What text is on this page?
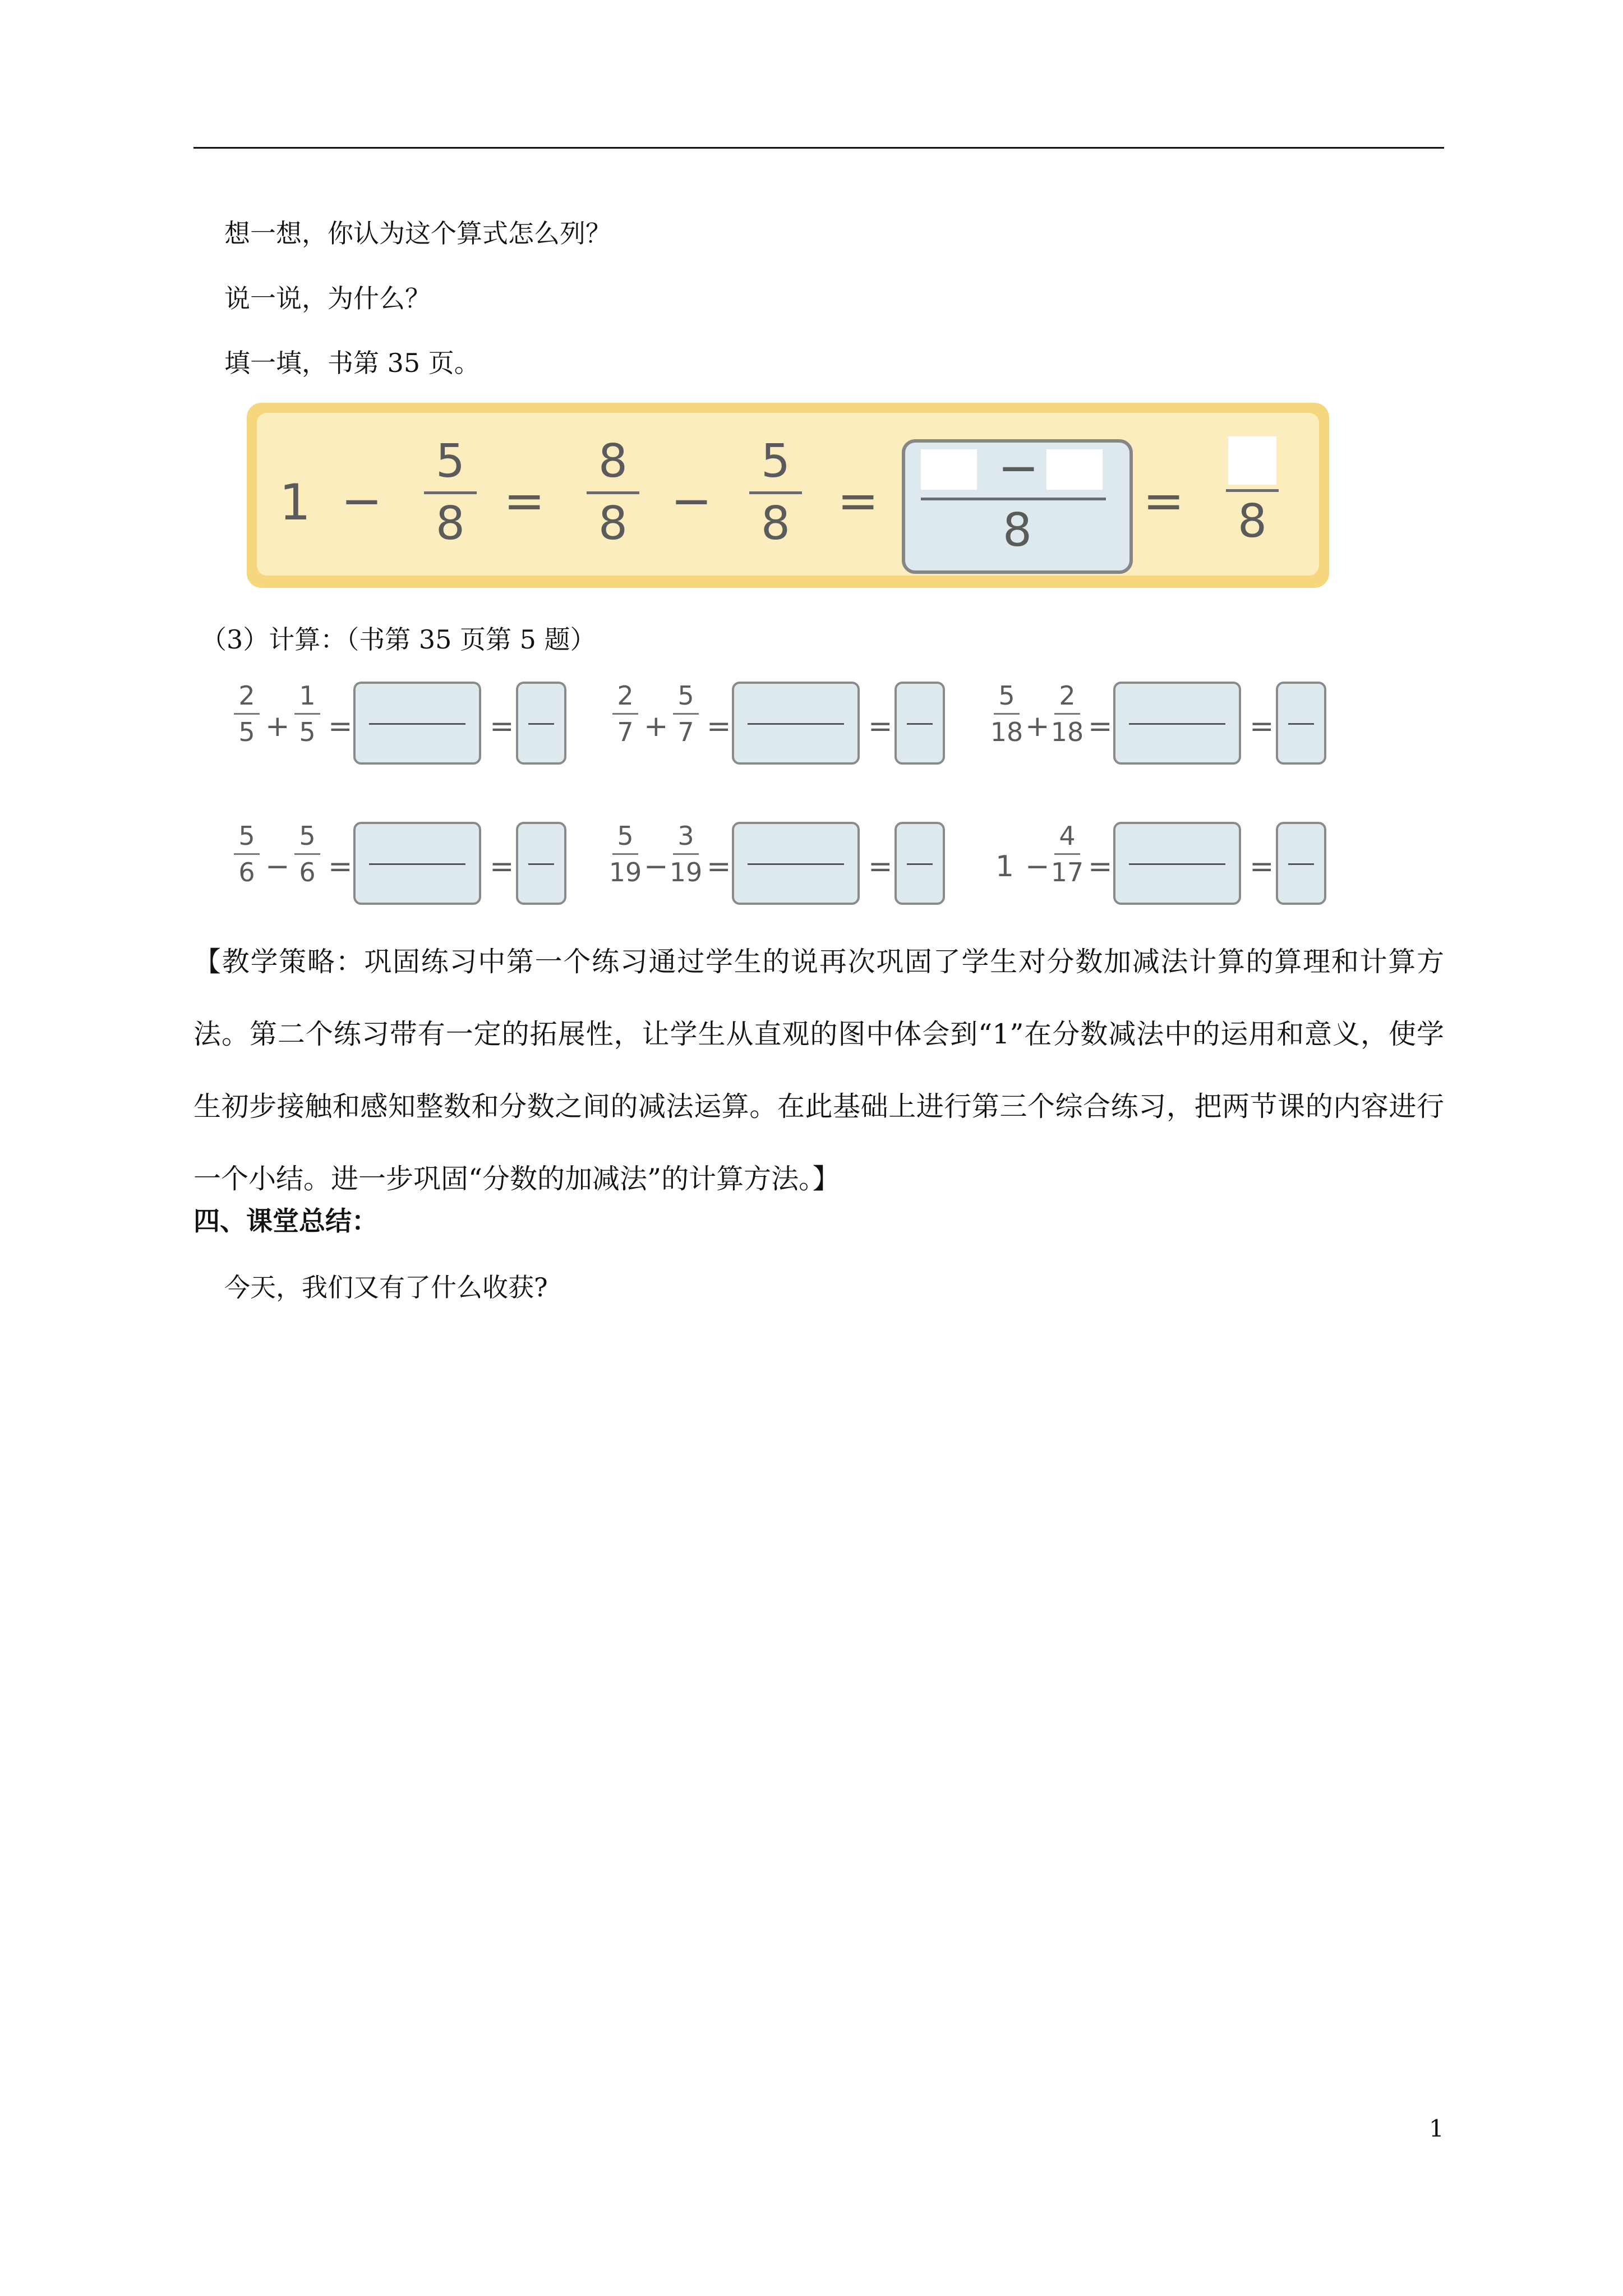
想一想，你认为这个算式怎么列？
说一说，为什么？
填一填，书第 35 页。
1 −
5
8 =
8
8 −
5
8 =
−
8
=	8
（3）计算：（书第 35 页第 5 题）
2
5 +
1
5 =	=
2
7 +
5
7 =	=
5
18 +
2
18 =	=
5
6 −
5
6 =	=
5
19 −
3
19 =	=	1 −
4
17 =	=
【教学策略：巩固练习中第一个练习通过学生的说再次巩固了学生对分数加减法计算的算理和计算方法。第二个练习带有一定的拓展性，让学生从直观的图中体会到“1”在分数减法中的运用和意义，使学生初步接触和感知整数和分数之间的减法运算。在此基础上进行第三个综合练习，把两节课的内容进行一个小结。进一步巩固“分数的加减法”的计算方法。】
四、课堂总结：
今天，我们又有了什么收获?
1
